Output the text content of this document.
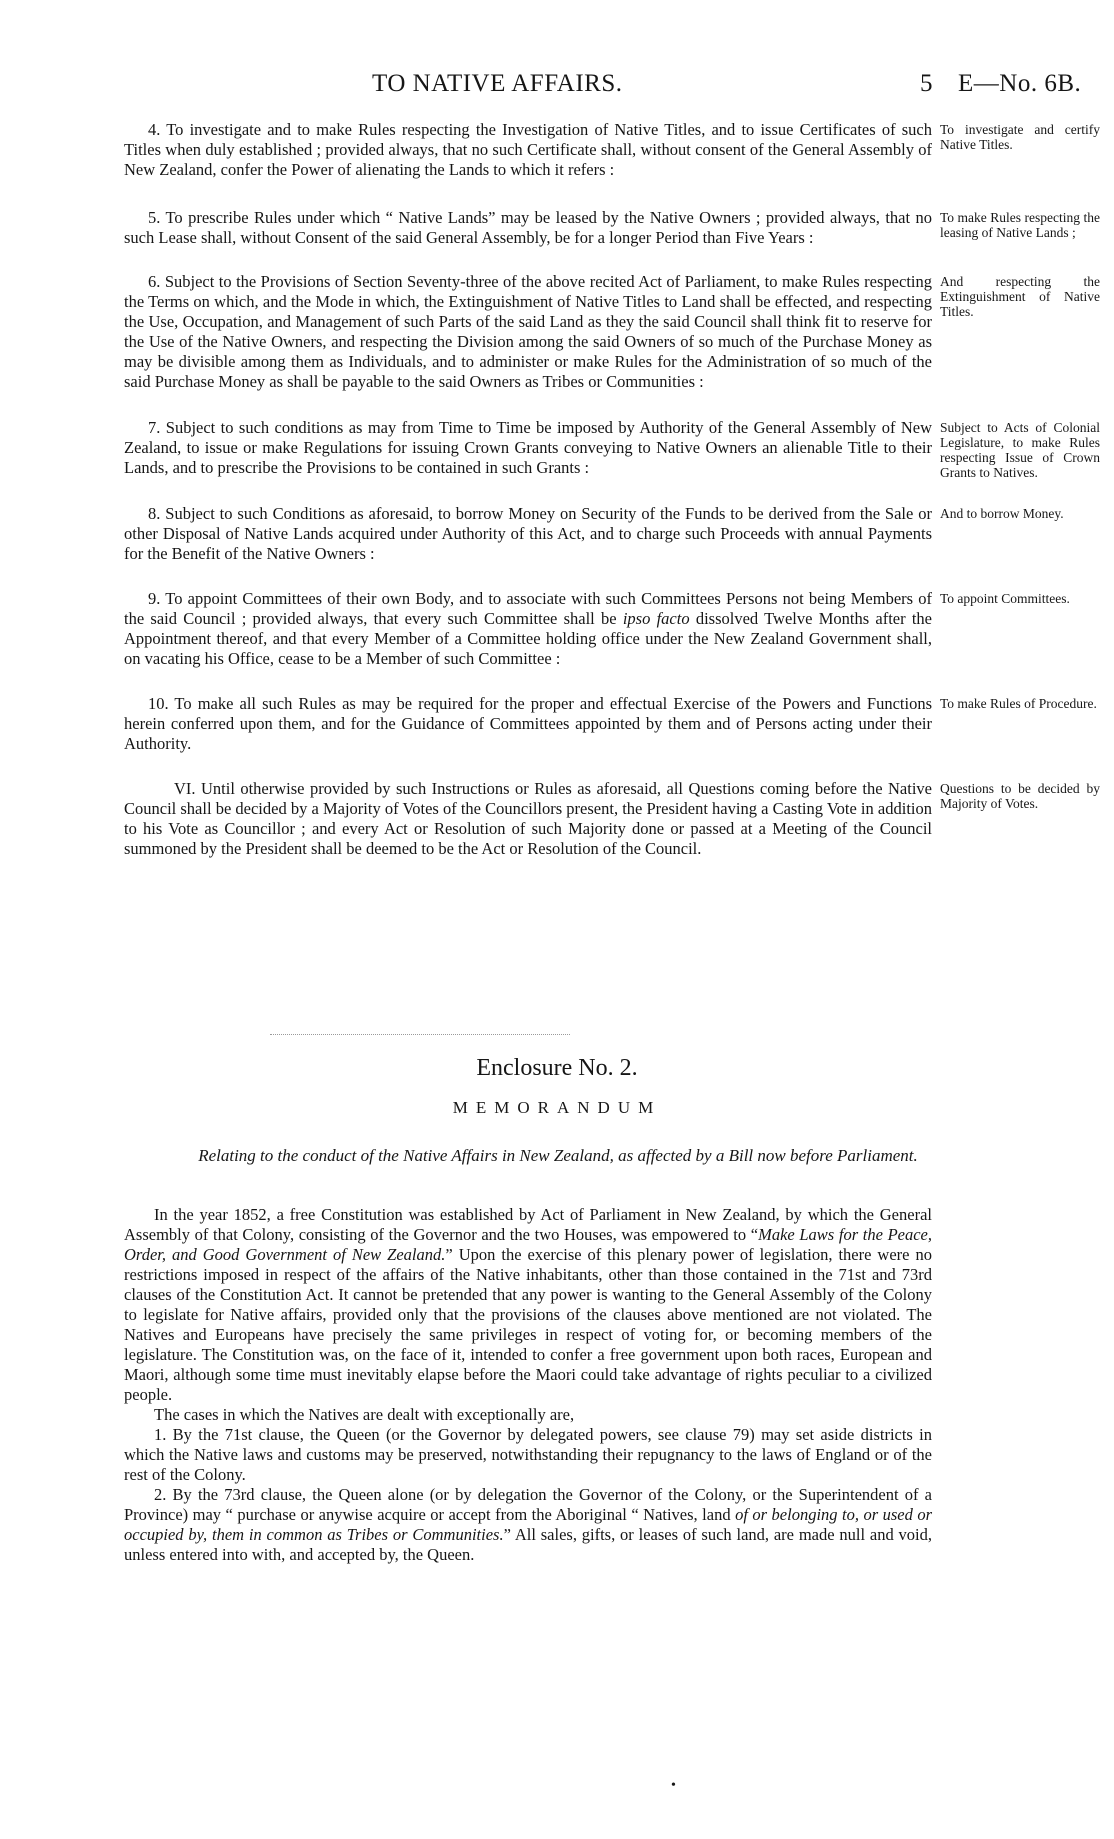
TO NATIVE AFFAIRS.	5 E—No. 6B.

4. To investigate and to make Rules respecting the Investigation of Native Titles, and to issue Certificates of such Titles when duly established ; provided always, that no such Certificate shall, without consent of the General Assembly of New Zealand, confer the Power of alienating the Lands to which it refers :

To investigate and certify Native Titles.

5. To prescribe Rules under which “ Native Lands” may be leased by the Native Owners ; provided always, that no such Lease shall, without Consent of the said General Assembly, be for a longer Period than Five Years :

To make Rules respecting the leasing of Native Lands ;

6. Subject to the Provisions of Section Seventy-three of the above recited Act of Parliament, to make Rules respecting the Terms on which, and the Mode in which, the Extinguishment of Native Titles to Land shall be effected, and respecting the Use, Occupation, and Management of such Parts of the said Land as they the said Council shall think fit to reserve for the Use of the Native Owners, and respecting the Division among the said Owners of so much of the Purchase Money as may be divisible among them as Individuals, and to administer or make Rules for the Administration of so much of the said Purchase Money as shall be payable to the said Owners as Tribes or Communities :

And respecting the Extinguishment of Native Titles.

7. Subject to such conditions as may from Time to Time be imposed by Authority of the General Assembly of New Zealand, to issue or make Regulations for issuing Crown Grants conveying to Native Owners an alienable Title to their Lands, and to prescribe the Provisions to be contained in such Grants :

Subject to Acts of Colonial Legislature, to make Rules respecting Issue of Crown Grants to Natives.

8. Subject to such Conditions as aforesaid, to borrow Money on Security of the Funds to be derived from the Sale or other Disposal of Native Lands acquired under Authority of this Act, and to charge such Proceeds with annual Payments for the Benefit of the Native Owners :

And to borrow Money.

9. To appoint Committees of their own Body, and to associate with such Committees Persons not being Members of the said Council ; provided always, that every such Committee shall be ipso facto dissolved Twelve Months after the Appointment thereof, and that every Member of a Committee holding office under the New Zealand Government shall, on vacating his Office, cease to be a Member of such Committee :

To appoint Committees.

10. To make all such Rules as may be required for the proper and effectual Exercise of the Powers and Functions herein conferred upon them, and for the Guidance of Committees appointed by them and of Persons acting under their Authority.

To make Rules of Procedure.

VI. Until otherwise provided by such Instructions or Rules as aforesaid, all Questions coming before the Native Council shall be decided by a Majority of Votes of the Councillors present, the President having a Casting Vote in addition to his Vote as Councillor ; and every Act or Resolution of such Majority done or passed at a Meeting of the Council summoned by the President shall be deemed to be the Act or Resolution of the Council.

Questions to be decided by Majority of Votes.

Enclosure No. 2.
MEMORANDUM
Relating to the conduct of the Native Affairs in New Zealand, as affected by a Bill now before Parliament.

In the year 1852, a free Constitution was established by Act of Parliament in New Zealand, by which the General Assembly of that Colony, consisting of the Governor and the two Houses, was empowered to “Make Laws for the Peace, Order, and Good Government of New Zealand.” Upon the exercise of this plenary power of legislation, there were no restrictions imposed in respect of the affairs of the Native inhabitants, other than those contained in the 71st and 73rd clauses of the Constitution Act. It cannot be pretended that any power is wanting to the General Assembly of the Colony to legislate for Native affairs, provided only that the provisions of the clauses above mentioned are not violated. The Natives and Europeans have precisely the same privileges in respect of voting for, or becoming members of the legislature. The Constitution was, on the face of it, intended to confer a free government upon both races, European and Maori, although some time must inevitably elapse before the Maori could take advantage of rights peculiar to a civilized people.

The cases in which the Natives are dealt with exceptionally are,

1. By the 71st clause, the Queen (or the Governor by delegated powers, see clause 79) may set aside districts in which the Native laws and customs may be preserved, notwithstanding their repugnancy to the laws of England or of the rest of the Colony.

2. By the 73rd clause, the Queen alone (or by delegation the Governor of the Colony, or the Superintendent of a Province) may “ purchase or anywise acquire or accept from the Aboriginal “ Natives, land of or belonging to, or used or occupied by, them in common as Tribes or Communities.” All sales, gifts, or leases of such land, are made null and void, unless entered into with, and accepted by, the Queen.

•
